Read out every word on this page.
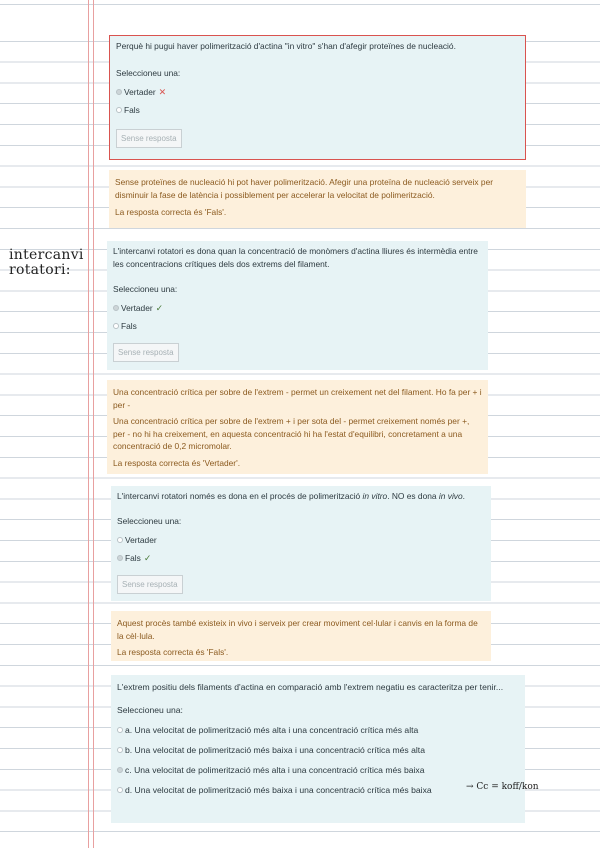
intercanvi
rotatori:
Perquè hi pugui haver polimerització d'actina "in vitro" s'han d'afegir proteïnes de nucleació.
Seleccioneu una:
Vertader ✕
Fals
Sense resposta

Sense proteïnes de nucleació hi pot haver polimerització. Afegir una proteïna de nucleació serveix per disminuir la fase de latència i possiblement per accelerar la velocitat de polimerització.

La resposta correcta és 'Fals'.

L'intercanvi rotatori es dona quan la concentració de monòmers d'actina lliures és intermèdia entre les concentracions crítiques dels dos extrems del filament.
Seleccioneu una:
Vertader ✓
Fals
Sense resposta

Una concentració crítica per sobre de l'extrem - permet un creixement net del filament. Ho fa per + i per -

Una concentració crítica per sobre de l'extrem + i per sota del - permet creixement només per +, per - no hi ha creixement, en aquesta concentració hi ha l'estat d'equilibri, concretament a una concentració de 0,2 micromolar.

La resposta correcta és 'Vertader'.

L'intercanvi rotatori només es dona en el procés de polimerització in vitro. NO es dona in vivo.
Seleccioneu una:
Vertader
Fals ✓
Sense resposta

Aquest procès també existeix in vivo i serveix per crear moviment cel·lular i canvis en la forma de la cèl·lula.

La resposta correcta és 'Fals'.

L'extrem positiu dels filaments d'actina en comparació amb l'extrem negatiu es caracteritza per tenir...
Seleccioneu una:
a. Una velocitat de polimerització més alta i una concentració crítica més alta
b. Una velocitat de polimerització més baixa i una concentració crítica més alta
c. Una velocitat de polimerització més alta i una concentració crítica més baixa
d. Una velocitat de polimerització més baixa i una concentració crítica més baixa	→ Cc = koff/kon
